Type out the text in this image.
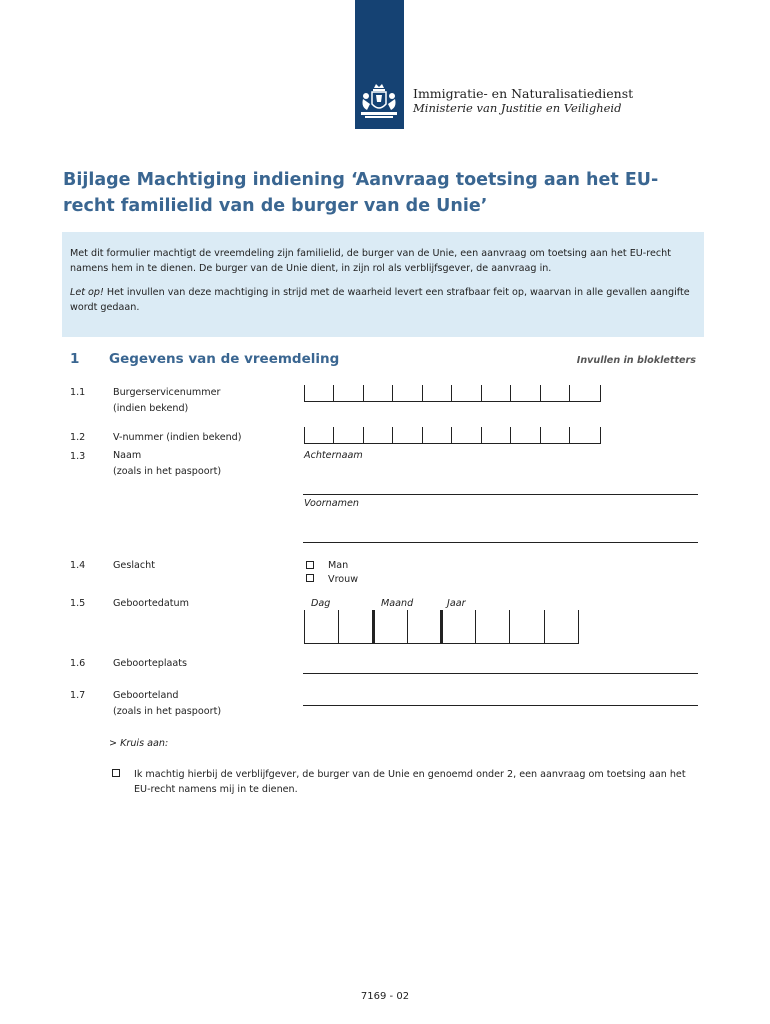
Immigratie- en Naturalisatiedienst
Ministerie van Justitie en Veiligheid
Bijlage Machtiging indiening ‘Aanvraag toetsing aan het EU-recht familielid van de burger van de Unie’

Met dit formulier machtigt de vreemdeling zijn familielid, de burger van de Unie, een aanvraag om toetsing aan het EU-recht namens hem in te dienen. De burger van de Unie dient, in zijn rol als verblijfsgever, de aanvraag in.

Let op! Het invullen van deze machtiging in strijd met de waarheid levert een strafbaar feit op, waarvan in alle gevallen aangifte wordt gedaan.

1 Gegevens van de vreemdeling	Invullen in blokletters
1.1	Burgerservicenummer
(indien bekend)
1.2	V-nummer (indien bekend)
1.3	Naam
(zoals in het paspoort)
Achternaam
Voornamen
1.4	Geslacht	Man
Vrouw
1.5	Geboortedatum	Dag	Maand	Jaar
1.6	Geboorteplaats
1.7	Geboorteland
(zoals in het paspoort)
> Kruis aan:
Ik machtig hierbij de verblijfgever, de burger van de Unie en genoemd onder 2, een aanvraag om toetsing aan het EU-recht namens mij in te dienen.
7169 - 02
